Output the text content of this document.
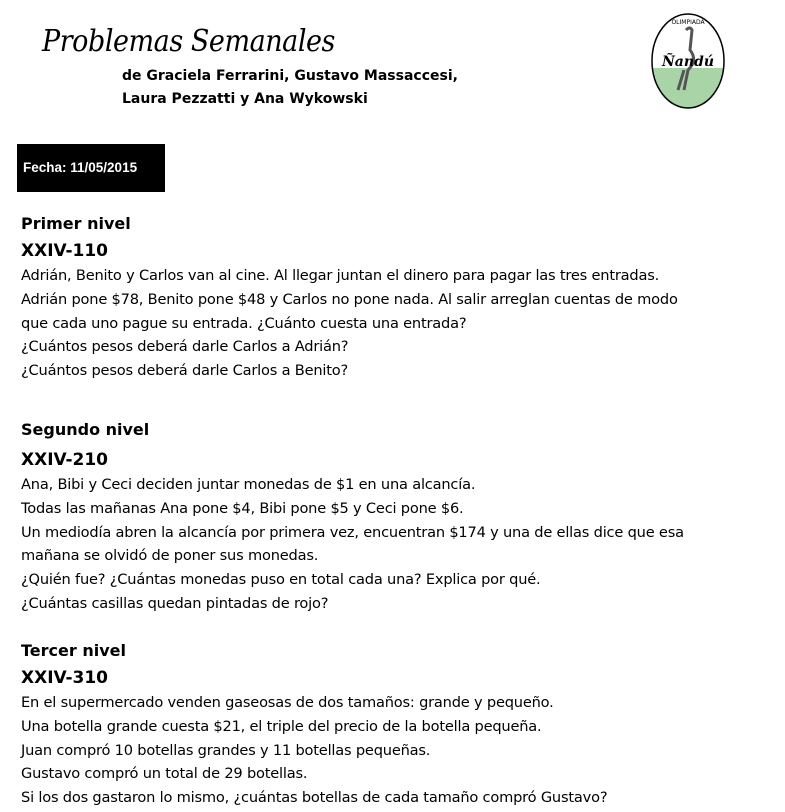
Problemas Semanales
de Graciela Ferrarini, Gustavo Massaccesi,
Laura Pezzatti y Ana Wykowski
Ñandú
OLIMPIADA
Fecha: 11/05/2015
Primer nivel
XXIV-110
Adrián, Benito y Carlos van al cine. Al llegar juntan el dinero para pagar las tres entradas.
Adrián pone $78, Benito pone $48 y Carlos no pone nada. Al salir arreglan cuentas de modo
que cada uno pague su entrada. ¿Cuánto cuesta una entrada?
¿Cuántos pesos deberá darle Carlos a Adrián?
¿Cuántos pesos deberá darle Carlos a Benito?
Segundo nivel
XXIV-210
Ana, Bibi y Ceci deciden juntar monedas de $1 en una alcancía.
Todas las mañanas Ana pone $4, Bibi pone $5 y Ceci pone $6.
Un mediodía abren la alcancía por primera vez, encuentran $174 y una de ellas dice que esa
mañana se olvidó de poner sus monedas.
¿Quién fue? ¿Cuántas monedas puso en total cada una? Explica por qué.
¿Cuántas casillas quedan pintadas de rojo?
Tercer nivel
XXIV-310
En el supermercado venden gaseosas de dos tamaños: grande y pequeño.
Una botella grande cuesta $21, el triple del precio de la botella pequeña.
Juan compró 10 botellas grandes y 11 botellas pequeñas.
Gustavo compró un total de 29 botellas.
Si los dos gastaron lo mismo, ¿cuántas botellas de cada tamaño compró Gustavo?
